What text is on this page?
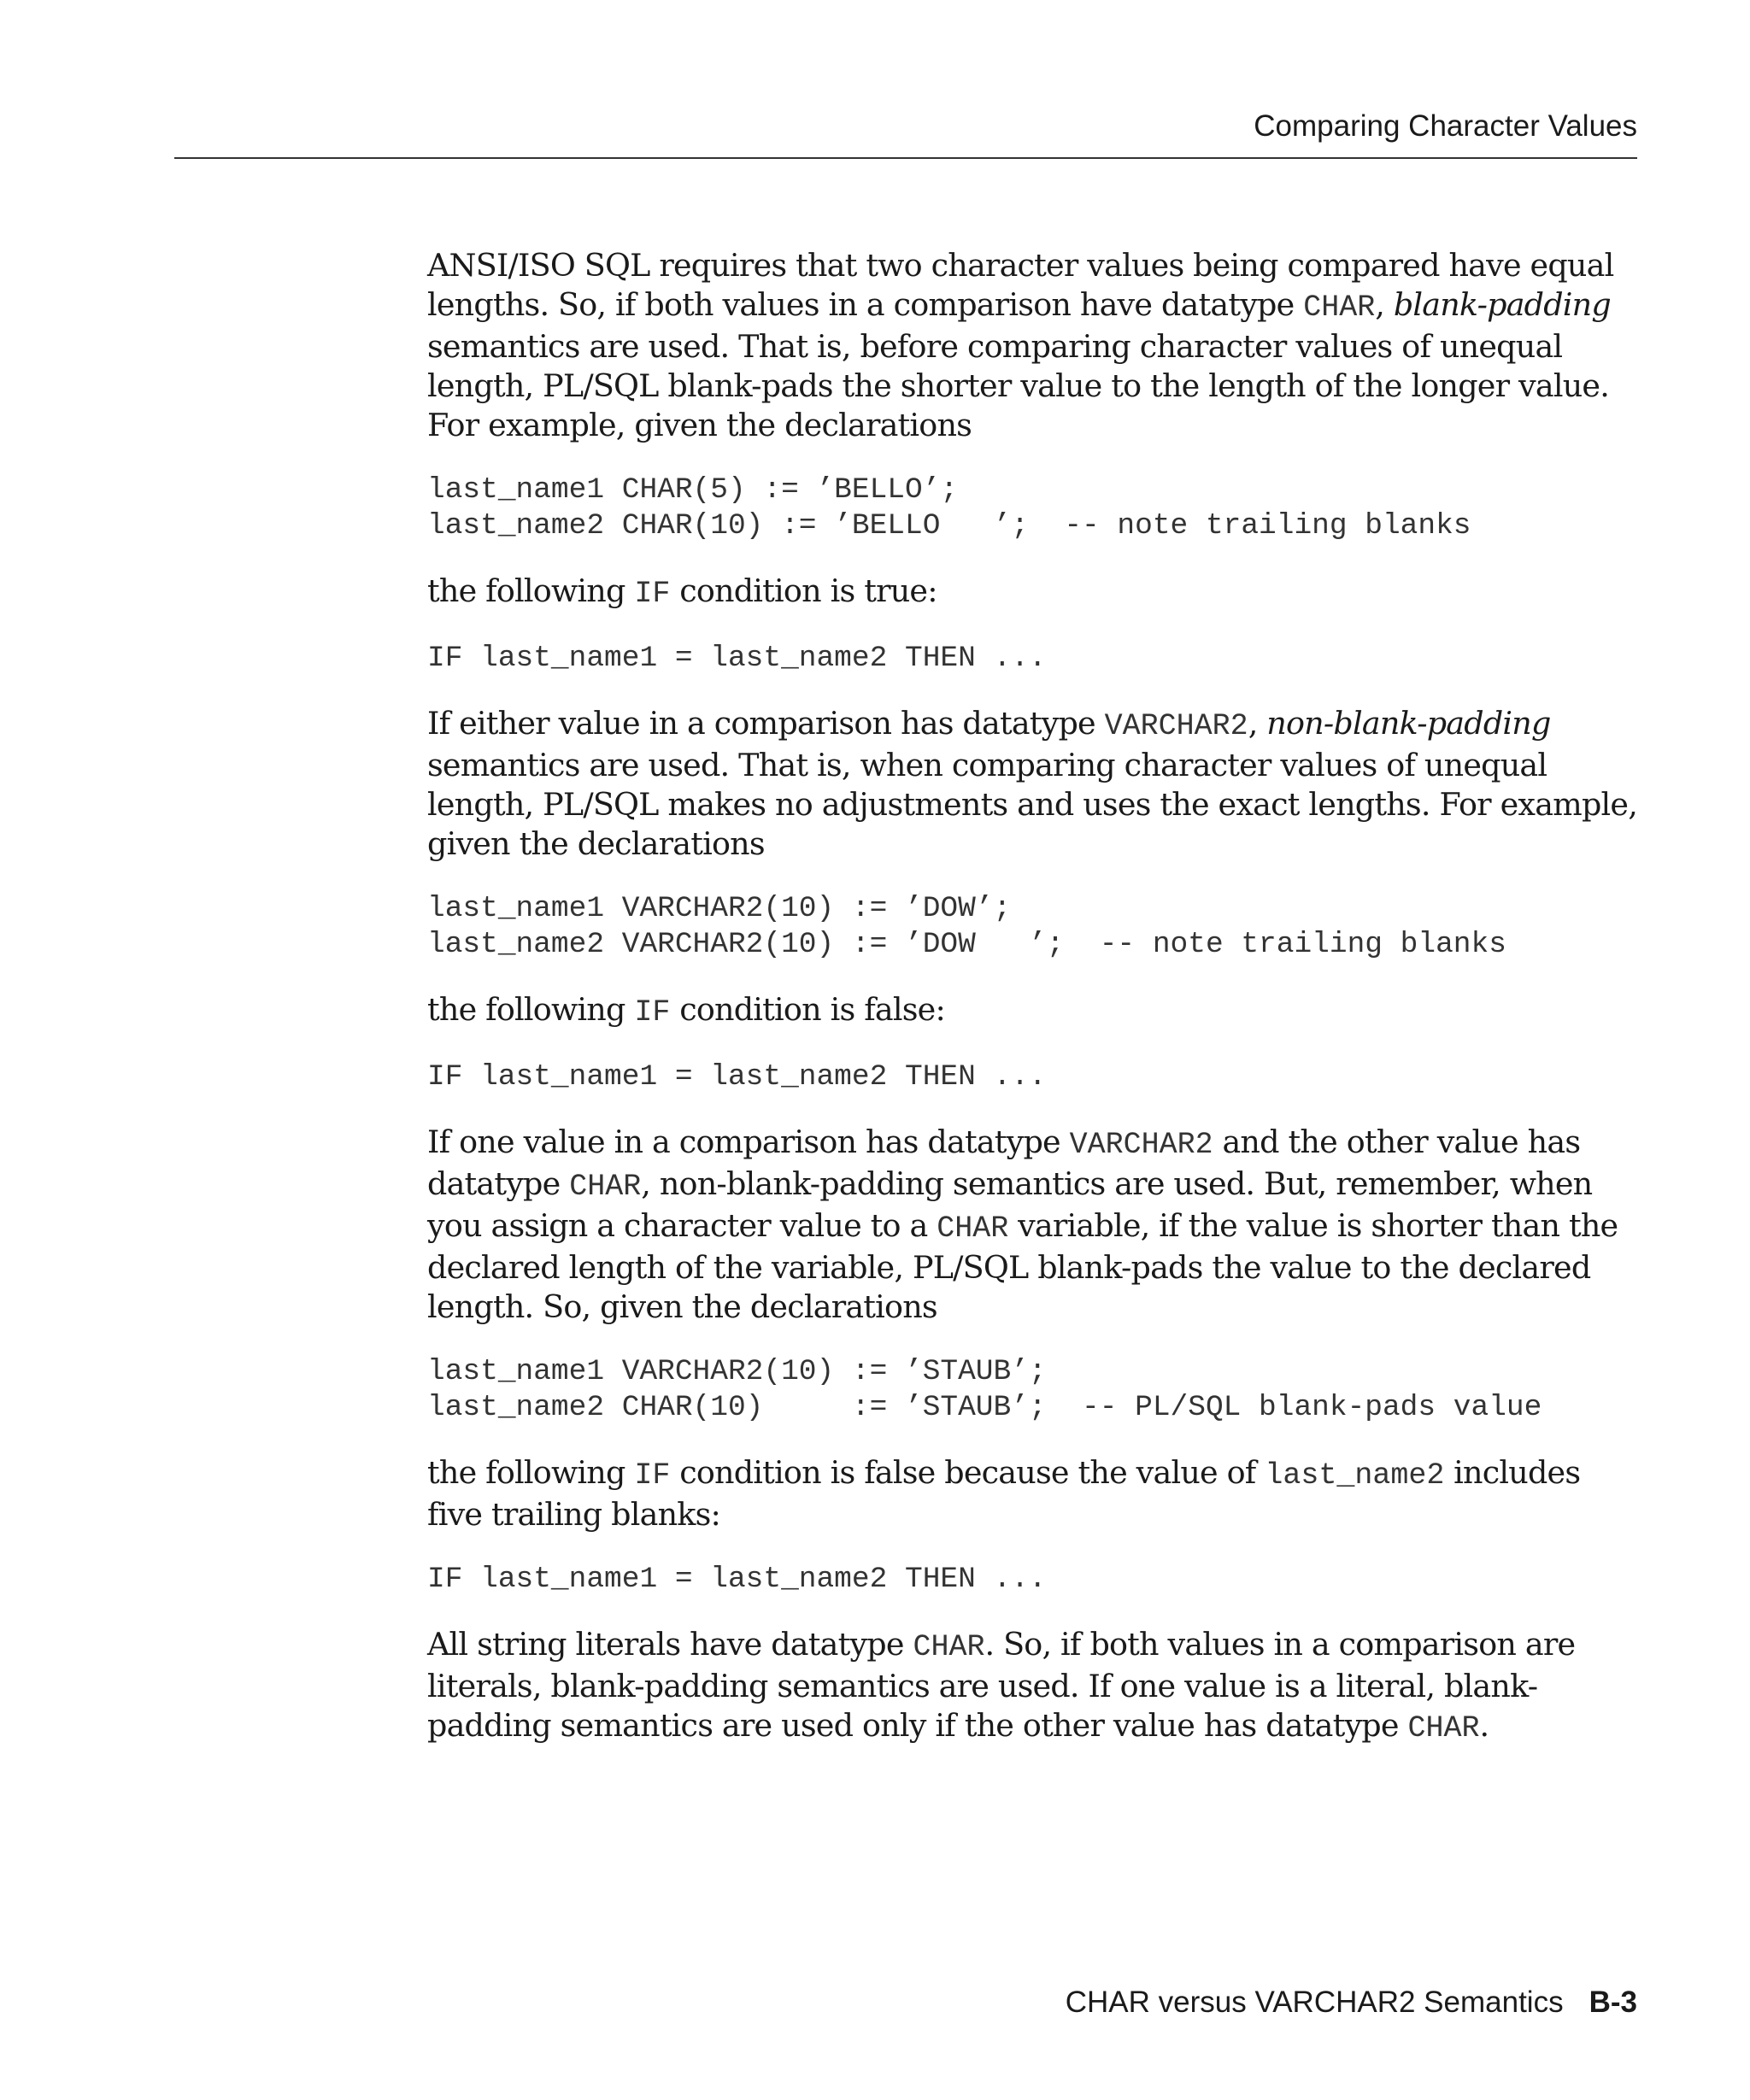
Comparing Character Values

ANSI/ISO SQL requires that two character values being compared have equal lengths. So, if both values in a comparison have datatype CHAR, blank-padding semantics are used. That is, before comparing character values of unequal length, PL/SQL blank-pads the shorter value to the length of the longer value. For example, given the declarations

last_name1 CHAR(5) := ’BELLO’;
last_name2 CHAR(10) := ’BELLO   ’;  -- note trailing blanks

the following IF condition is true:

IF last_name1 = last_name2 THEN ...

If either value in a comparison has datatype VARCHAR2, non-blank-padding semantics are used. That is, when comparing character values of unequal length, PL/SQL makes no adjustments and uses the exact lengths. For example, given the declarations

last_name1 VARCHAR2(10) := ’DOW’;
last_name2 VARCHAR2(10) := ’DOW   ’;  -- note trailing blanks

the following IF condition is false:

IF last_name1 = last_name2 THEN ...

If one value in a comparison has datatype VARCHAR2 and the other value has datatype CHAR, non-blank-padding semantics are used. But, remember, when you assign a character value to a CHAR variable, if the value is shorter than the declared length of the variable, PL/SQL blank-pads the value to the declared length. So, given the declarations

last_name1 VARCHAR2(10) := ’STAUB’;
last_name2 CHAR(10)     := ’STAUB’;  -- PL/SQL blank-pads value

the following IF condition is false because the value of last_name2 includes five trailing blanks:

IF last_name1 = last_name2 THEN ...

All string literals have datatype CHAR. So, if both values in a comparison are literals, blank-padding semantics are used. If one value is a literal, blank-padding semantics are used only if the other value has datatype CHAR.

CHAR versus VARCHAR2 Semantics B-3
